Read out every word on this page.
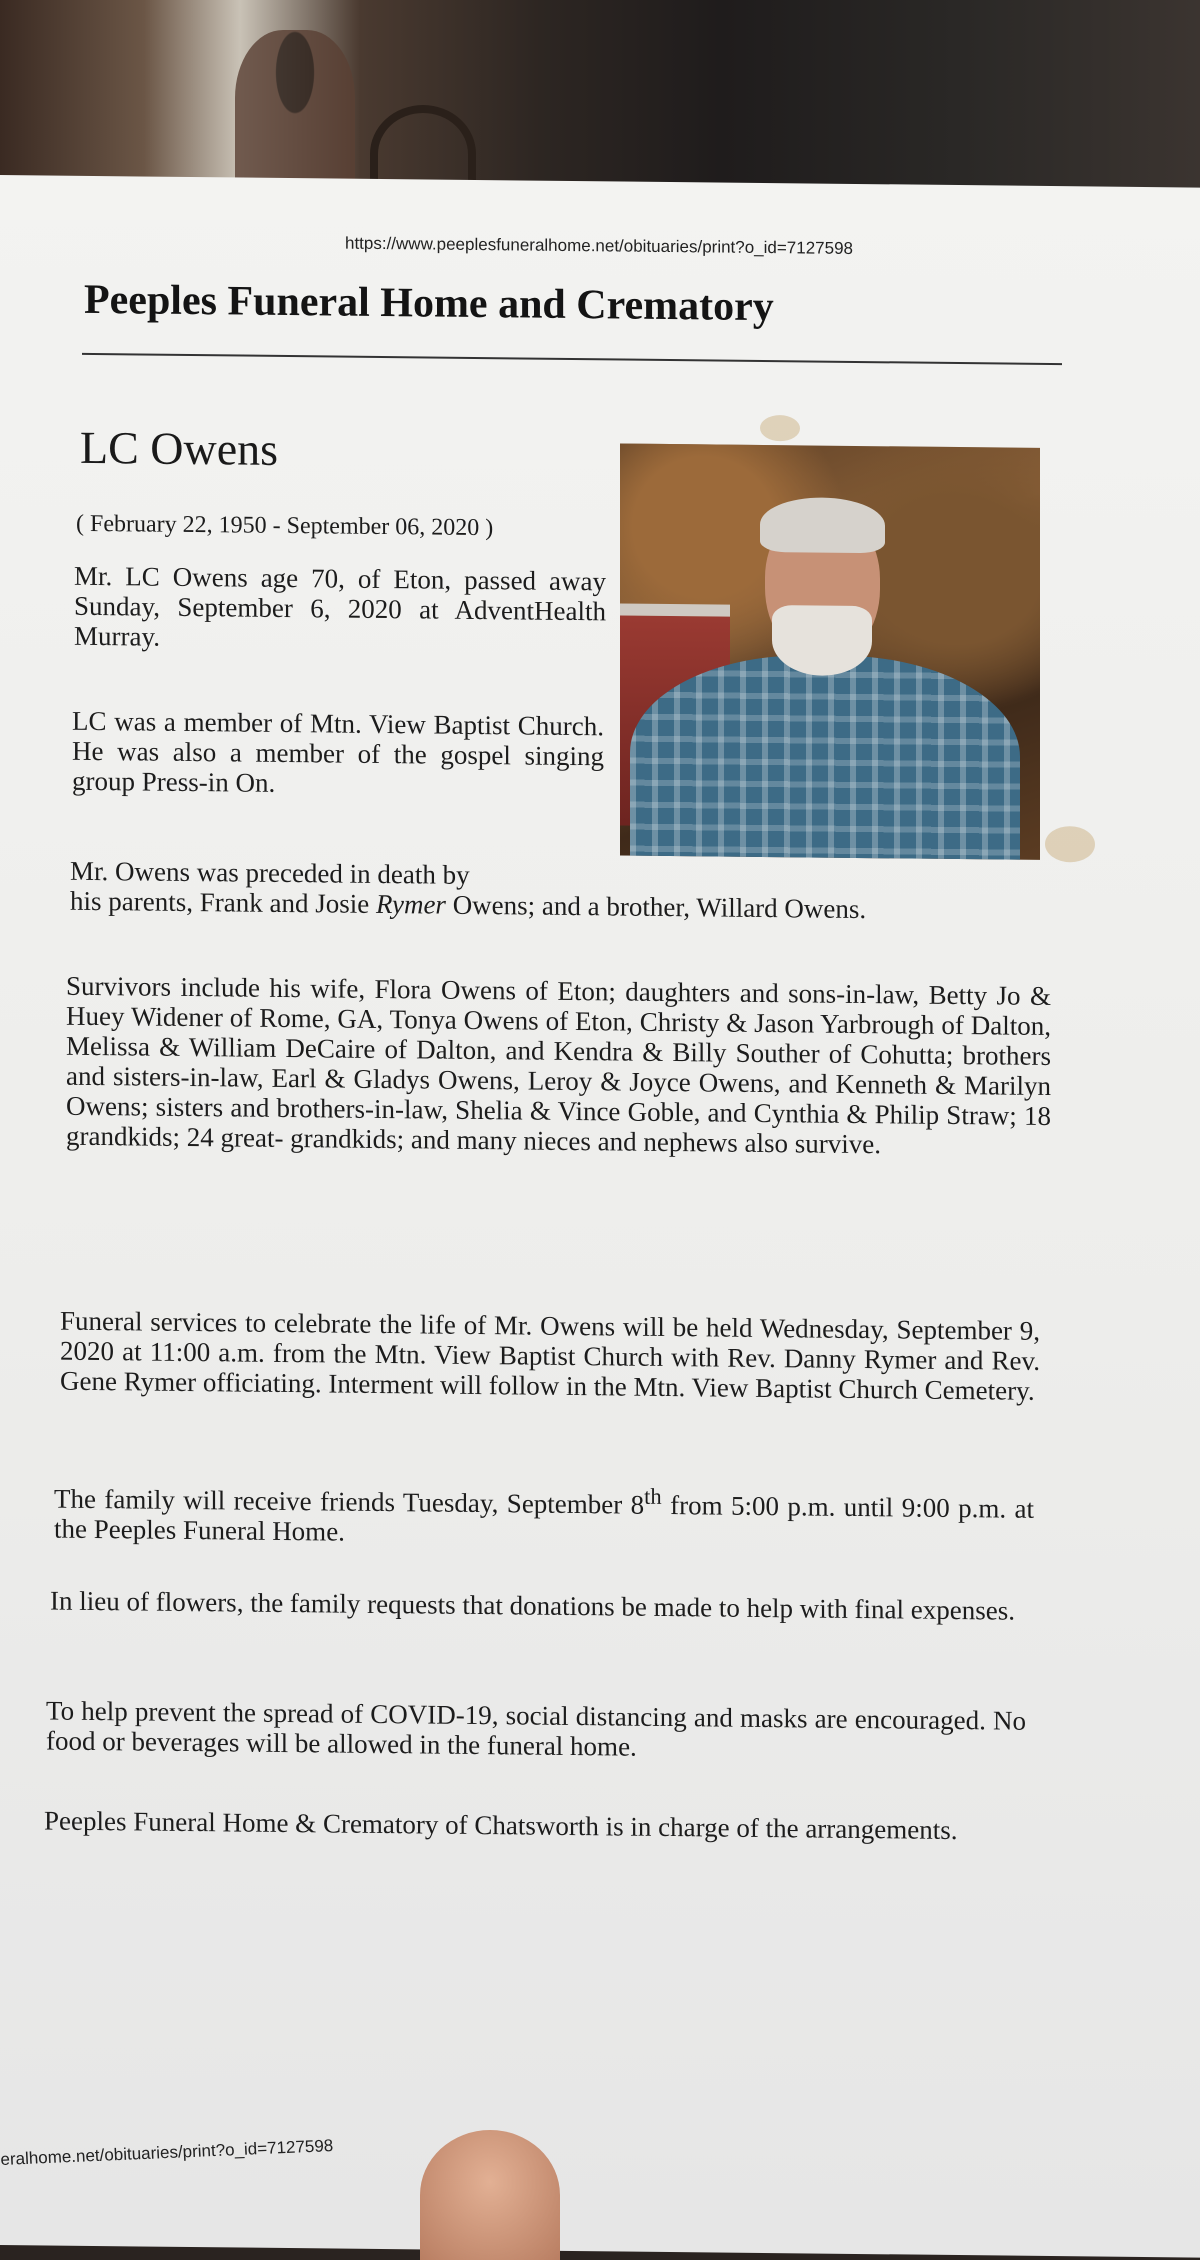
https://www.peeplesfuneralhome.net/obituaries/print?o_id=7127598
Peeples Funeral Home and Crematory
LC Owens
( February 22, 1950 - September 06, 2020 )
Mr. LC Owens age 70, of Eton, passed away Sunday, September 6, 2020 at AdventHealth Murray.
LC was a member of Mtn. View Baptist Church. He was also a member of the gospel singing group Press-in On.
Mr. Owens was preceded in death by
his parents, Frank and Josie Rymer Owens; and a brother, Willard Owens.
Survivors include his wife, Flora Owens of Eton; daughters and sons-in-law, Betty Jo & Huey Widener of Rome, GA, Tonya Owens of Eton, Christy & Jason Yarbrough of Dalton, Melissa & William DeCaire of Dalton, and Kendra & Billy Souther of Cohutta; brothers and sisters-in-law, Earl & Gladys Owens, Leroy & Joyce Owens, and Kenneth & Marilyn Owens; sisters and brothers-in-law, Shelia & Vince Goble, and Cynthia & Philip Straw; 18 grandkids; 24 great- grandkids; and many nieces and nephews also survive.
Funeral services to celebrate the life of Mr. Owens will be held Wednesday, September 9, 2020 at 11:00 a.m. from the Mtn. View Baptist Church with Rev. Danny Rymer and Rev. Gene Rymer officiating. Interment will follow in the Mtn. View Baptist Church Cemetery.
The family will receive friends Tuesday, September 8th from 5:00 p.m. until 9:00 p.m. at the Peeples Funeral Home.
In lieu of flowers, the family requests that donations be made to help with final expenses.
To help prevent the spread of COVID-19, social distancing and masks are encouraged. No food or beverages will be allowed in the funeral home.
Peeples Funeral Home & Crematory of Chatsworth is in charge of the arrangements.
eralhome.net/obituaries/print?o_id=7127598
